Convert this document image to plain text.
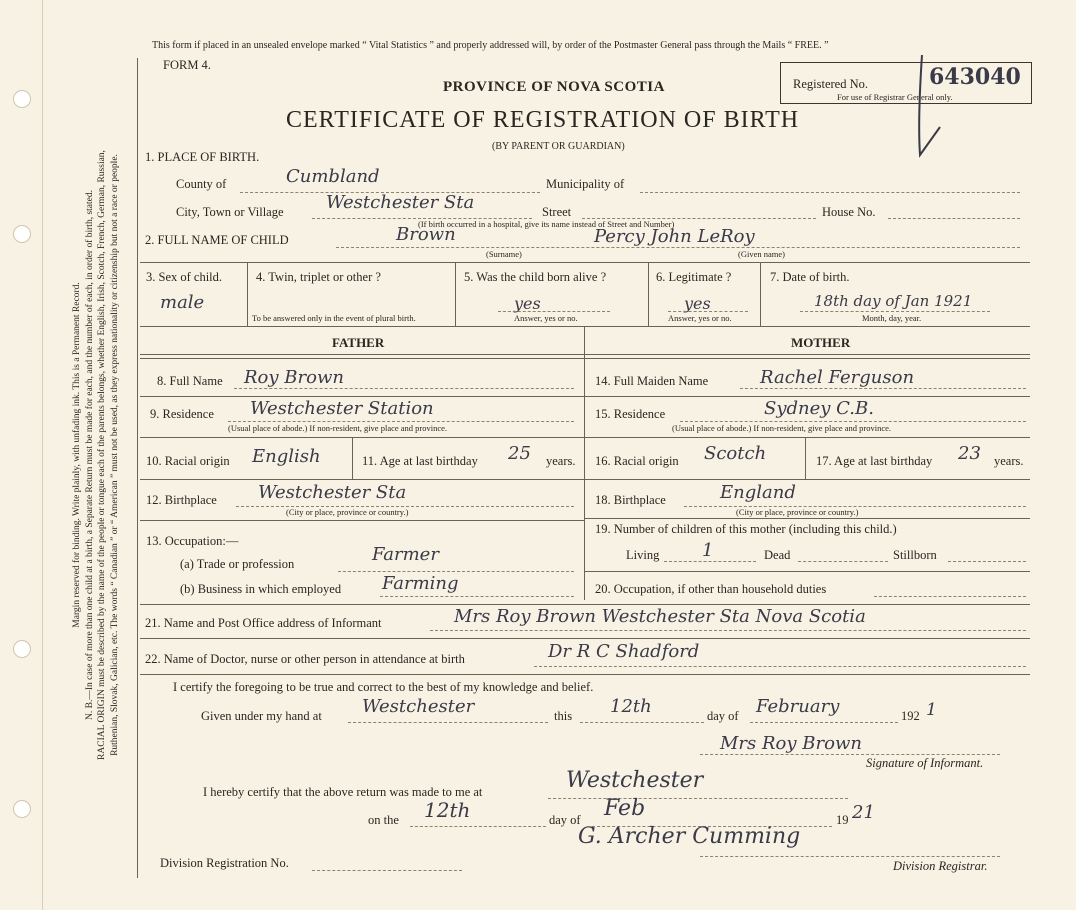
Margin reserved for binding. Write plainly, with unfading ink. This is a Permanent Record. N. B.—In case of more than one child at a birth, a Separate Return must be made for each, and the number of each, in order of birth, stated. RACIAL ORIGIN must be described by the name of the people or tongue each of the parents belongs, whether English, Irish, Scotch, French, German, Russian, Ruthenian, Slovak, Galician, etc. The words “ Canadian ” or “ American ” must not be used, as they express nationality or citizenship but not a race or people.
This form if placed in an unsealed envelope marked “ Vital Statistics ” and properly addressed will, by order of the Postmaster General pass through the Mails “ FREE. ”
FORM 4.
PROVINCE OF NOVA SCOTIA
CERTIFICATE OF REGISTRATION OF BIRTH
(BY PARENT OR GUARDIAN)
Registered No.	643040
For use of Registrar General only.
1. PLACE OF BIRTH.
County of	Cumbland	Municipality of
City, Town or Village Westchester Sta	Street	House No.
(If birth occurred in a hospital, give its name instead of Street and Number)
2. FULL NAME OF CHILD	Brown
(Surname)
Percy John LeRoy
(Given name)
3. Sex of child.
male
4. Twin, triplet or other ?
To be answered only in the event of plural birth.
5. Was the child born alive ?
yes
Answer, yes or no.
6. Legitimate ?
yes
Answer, yes or no.
7. Date of birth.
18th day of Jan 1921
Month, day, year.
FATHER	MOTHER
8. Full Name Roy Brown
9. Residence Westchester Station
(Usual place of abode.) If non-resident, give place and province.
10. Racial origin English	11. Age at last birthday 25 years.
12. Birthplace Westchester Sta
(City or place, province or country.)
13. Occupation:—
(a) Trade or profession	Farmer
(b) Business in which employed Farming
14. Full Maiden Name	Rachel Ferguson
15. Residence	Sydney C.B.
(Usual place of abode.) If non-resident, give place and province.
16. Racial origin Scotch	17. Age at last birthday 23 years.
18. Birthplace	England
(City or place, province or country.)
19. Number of children of this mother (including this child.)
Living 1	Dead	Stillborn
20. Occupation, if other than household duties
21. Name and Post Office address of Informant	Mrs Roy Brown Westchester Sta Nova Scotia
22. Name of Doctor, nurse or other person in attendance at birth	Dr R C Shadford
I certify the foregoing to be true and correct to the best of my knowledge and belief.
Given under my hand at Westchester	this 12th	day of February	192 1
Mrs Roy Brown
Signature of Informant.
I hereby certify that the above return was made to me at	Westchester
on the 12th	day of Feb	19 21
G. Archer Cumming
Division Registration No.	Division Registrar.
